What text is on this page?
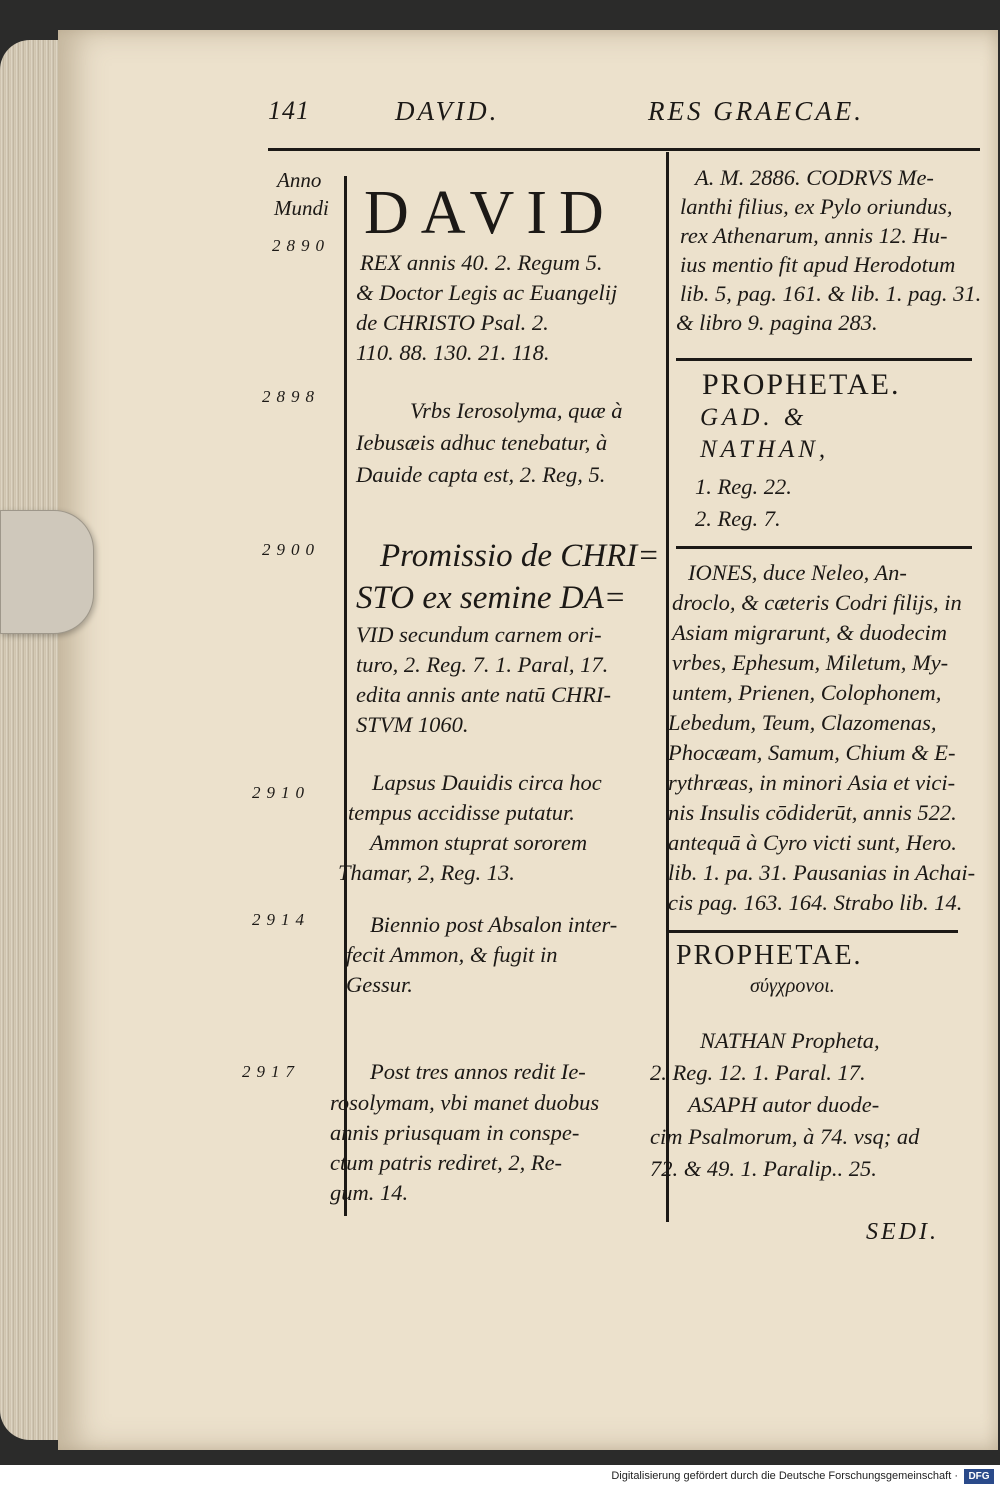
141	DAVID.	RES GRAECAE.
Anno
Mundi
2890
2898
2900
2910
2914
2917
DAVID
REX annis 40. 2. Regum 5.
& Doctor Legis ac Euangelij
de CHRISTO Psal. 2.
110. 88. 130. 21. 118.
Vrbs Ierosolyma, quæ à
Iebusæis adhuc tenebatur, à
Dauide capta est, 2. Reg, 5.
Promissio de CHRI=
STO ex semine DA=
VID secundum carnem ori-
turo, 2. Reg. 7. 1. Paral, 17.
edita annis ante natū CHRI-
STVM 1060.
Lapsus Dauidis circa hoc
tempus accidisse putatur.
Ammon stuprat sororem
Thamar, 2, Reg. 13.
Biennio post Absalon inter-
fecit Ammon, & fugit in
Gessur.
Post tres annos redit Ie-
rosolymam, vbi manet duobus
annis priusquam in conspe-
ctum patris rediret, 2, Re-
gum. 14.
A. M. 2886. CODRVS Me-
lanthi filius, ex Pylo oriundus,
rex Athenarum, annis 12. Hu-
ius mentio fit apud Herodotum
lib. 5, pag. 161. & lib. 1. pag. 31.
& libro 9. pagina 283.
PROPHETAE.
GAD. &
NATHAN,
1. Reg. 22.
2. Reg. 7.
IONES, duce Neleo, An-
droclo, & cæteris Codri filijs, in
Asiam migrarunt, & duodecim
vrbes, Ephesum, Miletum, My-
untem, Prienen, Colophonem,
Lebedum, Teum, Clazomenas,
Phocæam, Samum, Chium & E-
rythræas, in minori Asia et vici-
nis Insulis cōdiderūt, annis 522.
antequā à Cyro victi sunt, Hero.
lib. 1. pa. 31. Pausanias in Achai-
cis pag. 163. 164. Strabo lib. 14.
PROPHETAE.
σύγχρονοι.
NATHAN Propheta,
2. Reg. 12. 1. Paral. 17.
ASAPH autor duode-
cim Psalmorum, à 74. vsq; ad
72. & 49. 1. Paralip.. 25.
SEDI.
Digitalisierung gefördert durch die Deutsche Forschungsgemeinschaft ·	DFG
